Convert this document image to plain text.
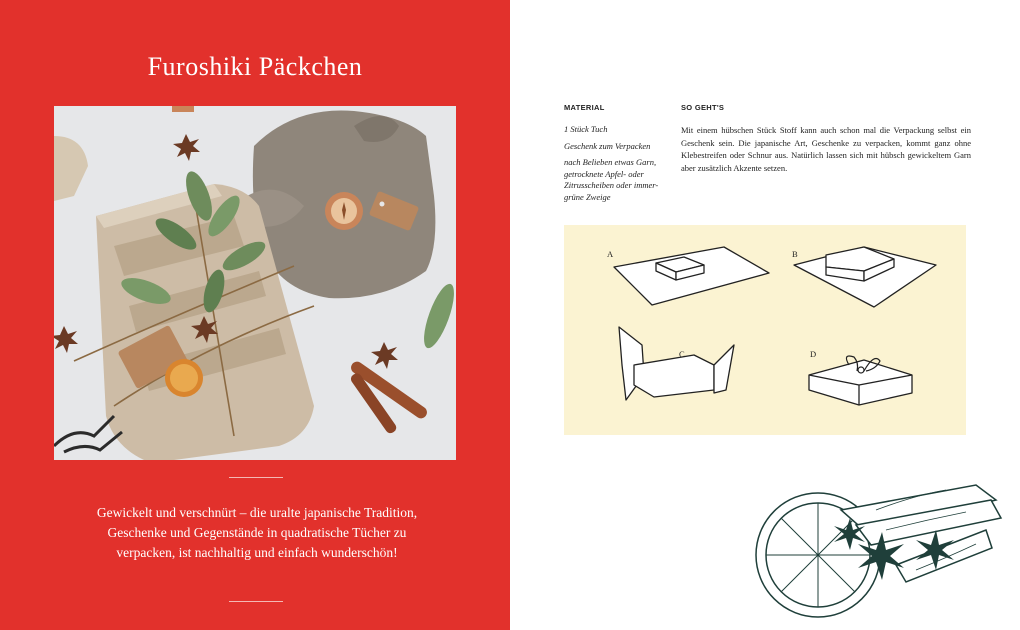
Furoshiki Päckchen
Gewickelt und verschnürt – die uralte japanische Tradition, Geschenke und Gegenstände in quadratische Tücher zu verpacken, ist nachhaltig und einfach wunderschön!
MATERIAL	SO GEHT'S

1 Stück Tuch

Geschenk zum Verpacken

nach Belieben etwas Garn, getrocknete Apfel- oder Zitrusscheiben oder immer-grüne Zweige

Mit einem hübschen Stück Stoff kann auch schon mal die Verpackung selbst ein Geschenk sein. Die japanische Art, Geschenke zu verpacken, kommt ganz ohne Klebestreifen oder Schnur aus. Natürlich lassen sich mit hübsch gewickeltem Garn aber zusätzlich Akzente setzen.
A	B
C	D
